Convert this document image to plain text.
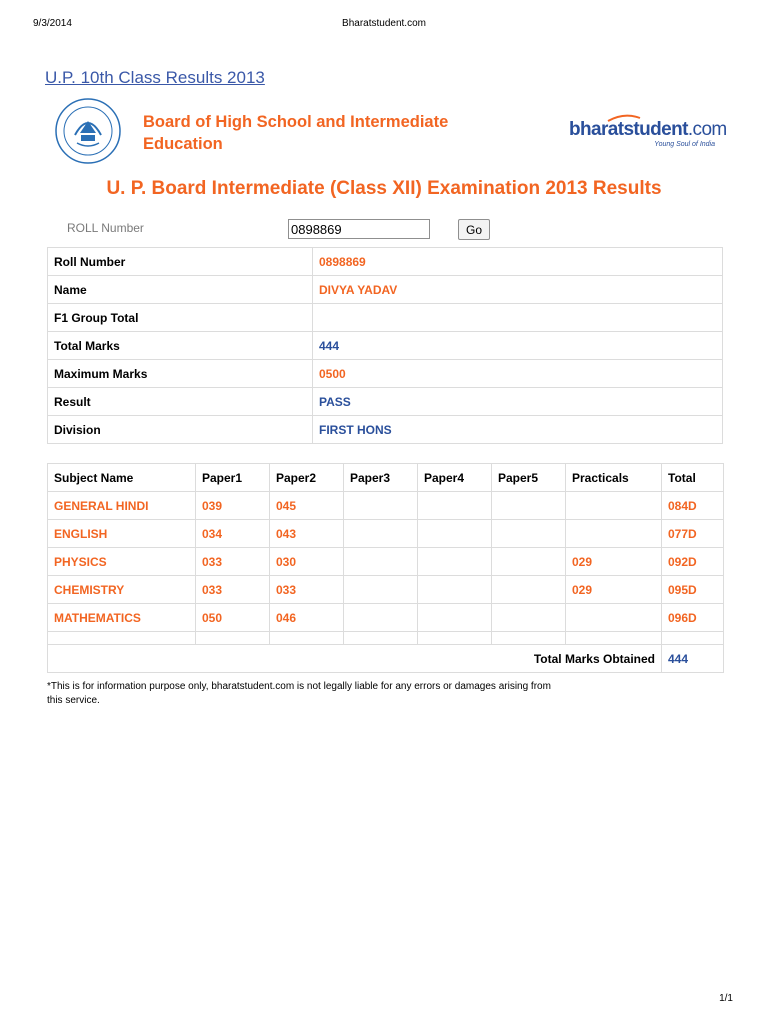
9/3/2014	Bharatstudent.com
U.P. 10th Class Results 2013
Board of High School and Intermediate Education
bharatstudent.com
Young Soul of India
U. P. Board Intermediate (Class XII) Examination 2013 Results
ROLL Number
0898869	Go
Roll Number	0898869
Name	DIVYA YADAV
F1 Group Total	
Total Marks	444
Maximum Marks	0500
Result	PASS
Division	FIRST HONS
Subject Name	Paper1	Paper2	Paper3	Paper4	Paper5	Practicals	Total
GENERAL HINDI	039	045					084D
ENGLISH	034	043					077D
PHYSICS	033	030				029	092D
CHEMISTRY	033	033				029	095D
MATHEMATICS	050	046					096D

Total Marks Obtained							444
*This is for information purpose only, bharatstudent.com is not legally liable for any errors or damages arising from this service.
1/1
